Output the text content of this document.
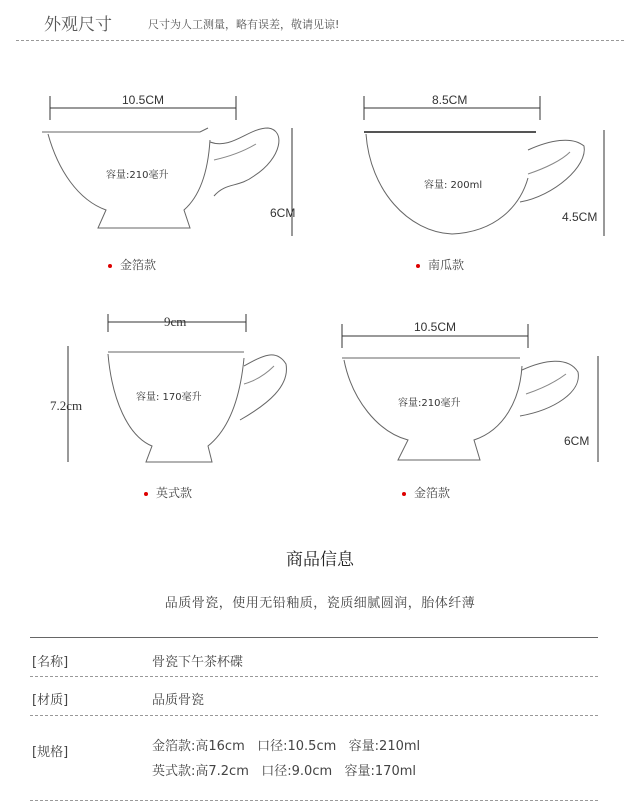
外观尺寸	尺寸为人工测量，略有误差，敬请见谅!
10.5CM
6CM
容量:210毫升
金箔款
8.5CM
4.5CM
容量: 200ml
南瓜款
9cm
7.2cm
容量: 170毫升
英式款
10.5CM
6CM
容量:210毫升
金箔款
商品信息
品质骨瓷，使用无铅釉质，瓷质细腻圆润，胎体纤薄
[名称]	骨瓷下午茶杯碟
[材质]	品质骨瓷
[规格]	金箔款:高16cm   口径:10.5cm   容量:210ml
英式款:高7.2cm   口径:9.0cm   容量:170ml
